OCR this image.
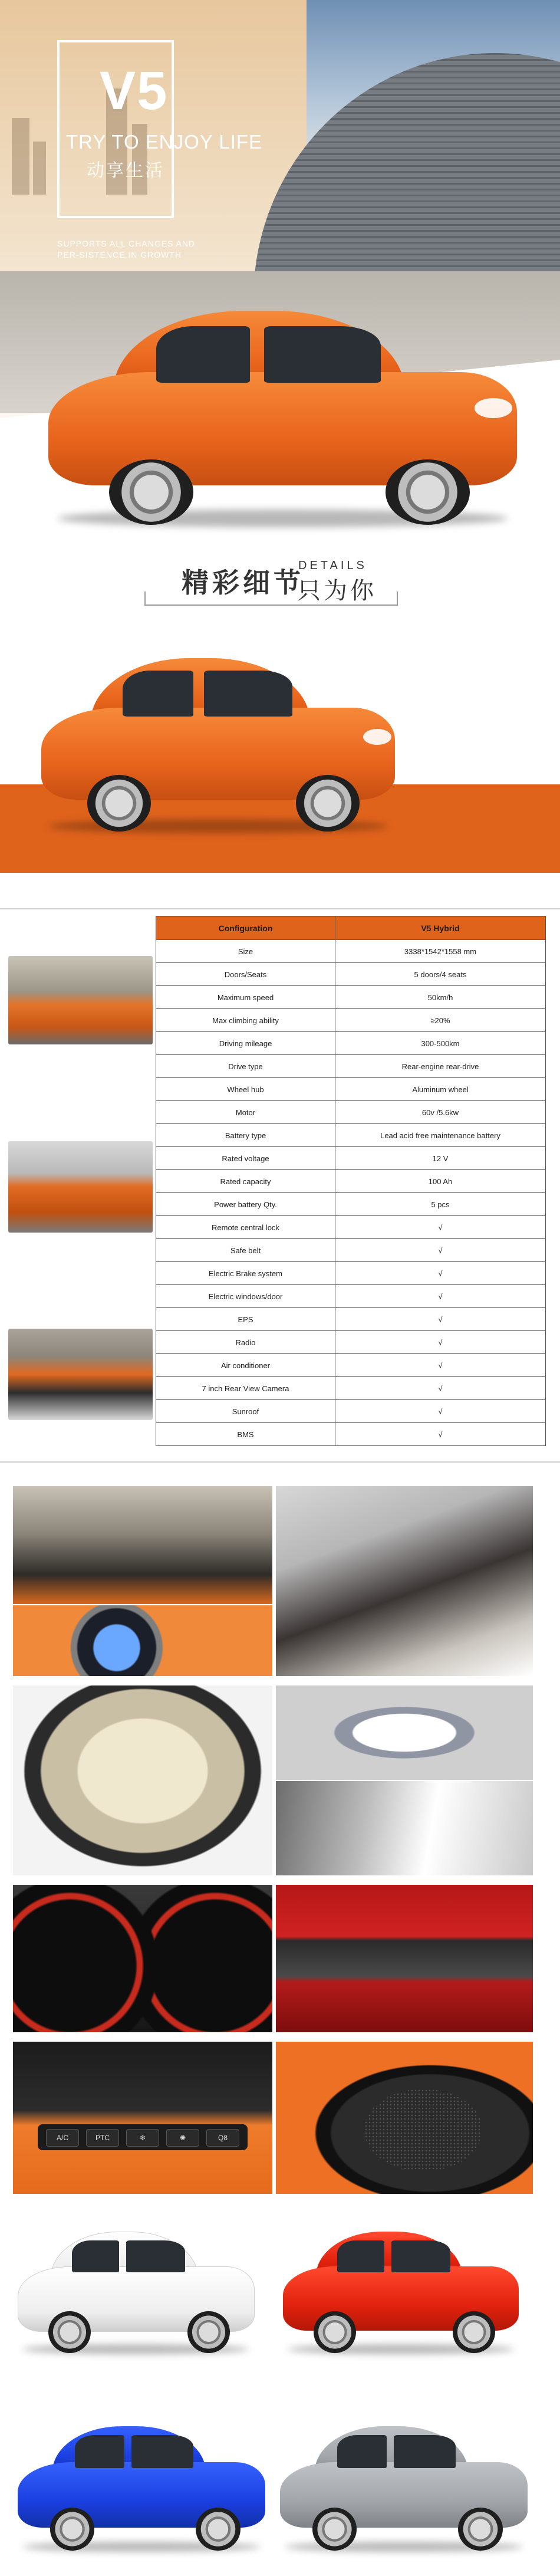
V5
TRY TO ENJOY LIFE
动享生活
SUPPORTS ALL CHANGES AND PER-SISTENCE IN GROWTH
精彩细节
DETAILS
只为你
Configuration	V5 Hybrid
Size	3338*1542*1558 mm
Doors/Seats	5 doors/4 seats
Maximum speed	50km/h
Max climbing ability	≥20%
Driving mileage	300-500km
Drive type	Rear-engine rear-drive
Wheel hub	Aluminum wheel
Motor	60v /5.6kw
Battery type	Lead acid free maintenance battery
Rated voltage	12 V
Rated capacity	100 Ah
Power battery Qty.	5 pcs
Remote central lock	√
Safe belt	√
Electric Brake system	√
Electric windows/door	√
EPS	√
Radio	√
Air conditioner	√
7 inch Rear View Camera	√
Sunroof	√
BMS	√
A/C	PTC	❄	✺	Q8
